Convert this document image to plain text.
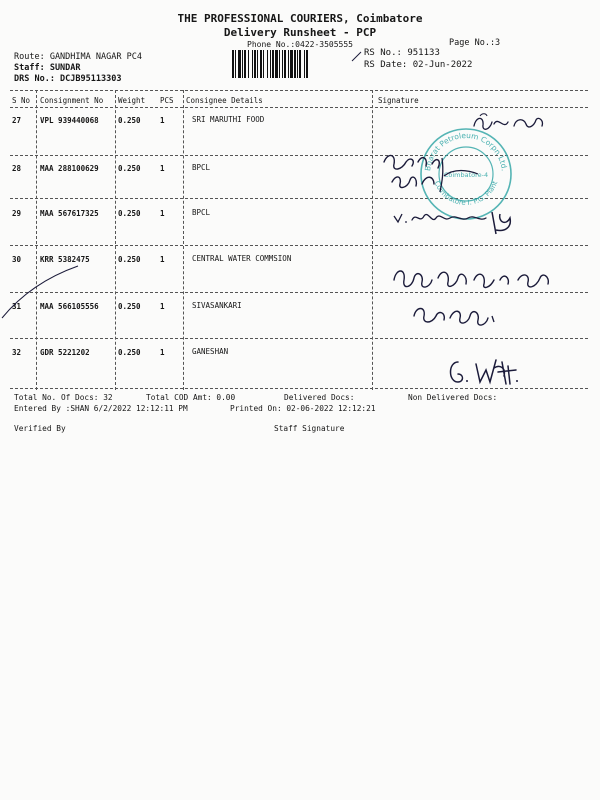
THE PROFESSIONAL COURIERS, Coimbatore
Delivery Runsheet - PCP
Phone No.:0422-3505555	Page No.:3
Route: GANDHIMA NAGAR PC4
Staff: SUNDAR
DRS No.: DCJB95113303
RS No.: 951133
RS Date: 02-Jun-2022
S No Consignment No Weight PCS Consignee Details	Signature
27	VPL 939440068	0.250	1	SRI MARUTHI FOOD
28	MAA 288100629	0.250	1	BPCL
29	MAA 567617325	0.250	1	BPCL
30	KRR 5382475	0.250	1	CENTRAL WATER COMMSION
31	MAA 566105556	0.250	1	SIVASANKARI
32	GDR 5221202	0.250	1	GANESHAN
Total No. Of Docs: 32	Total COD Amt: 0.00	Delivered Docs:	Non Delivered Docs:
Entered By :SHAN 6/2/2022 12:12:11 PM	Printed On: 02-06-2022 12:12:21
Verified By	Staff Signature
Bharat Petroleum Corpn Ltd.
Coimbatore I. P.G. Plant
Coimbatore-4
